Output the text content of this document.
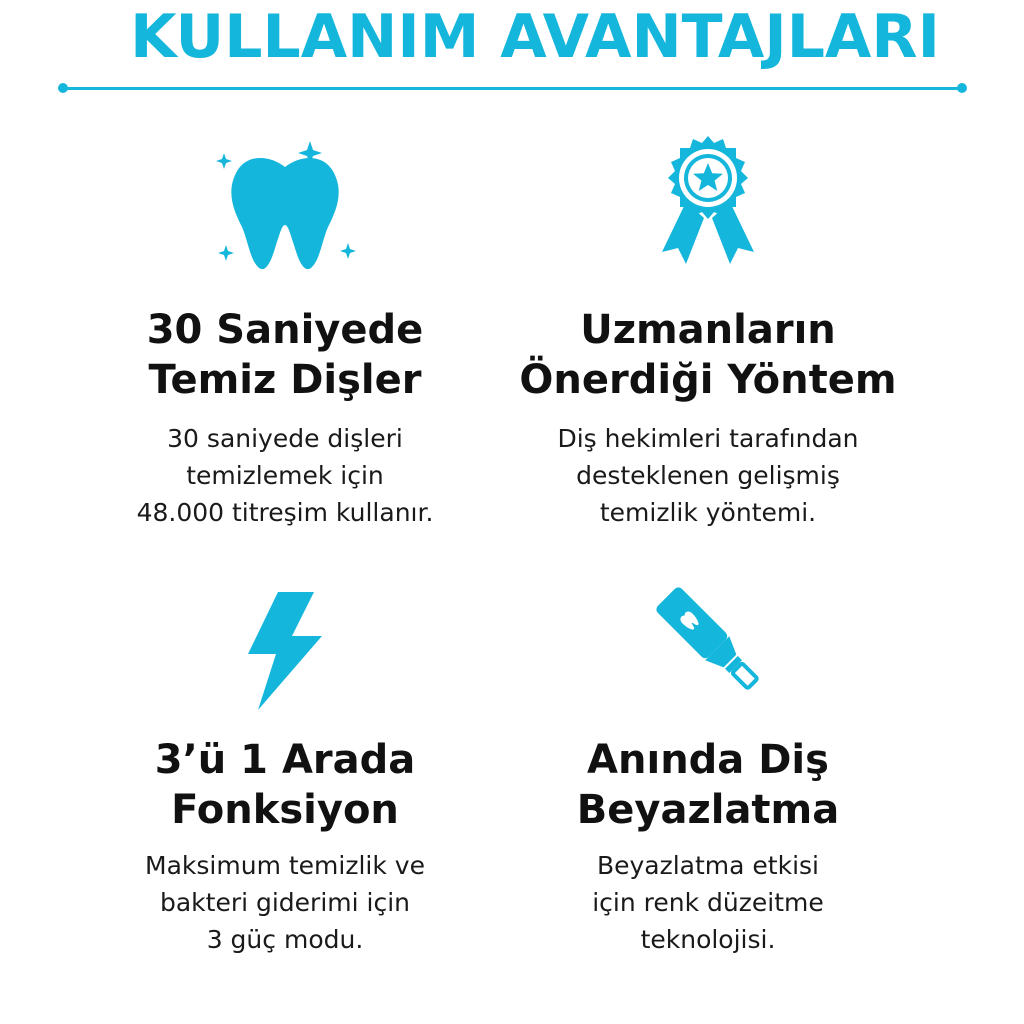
KULLANIM AVANTAJLARI
30 Saniyede
Temiz Dişler
30 saniyede dişleri
temizlemek için
48.000 titreşim kullanır.
Uzmanların
Önerdiği Yöntem
Diş hekimleri tarafından
desteklenen gelişmiş
temizlik yöntemi.
3’ü 1 Arada
Fonksiyon
Maksimum temizlik ve
bakteri giderimi için
3 güç modu.
Anında Diş
Beyazlatma
Beyazlatma etkisi
için renk düzeitme
teknolojisi.
